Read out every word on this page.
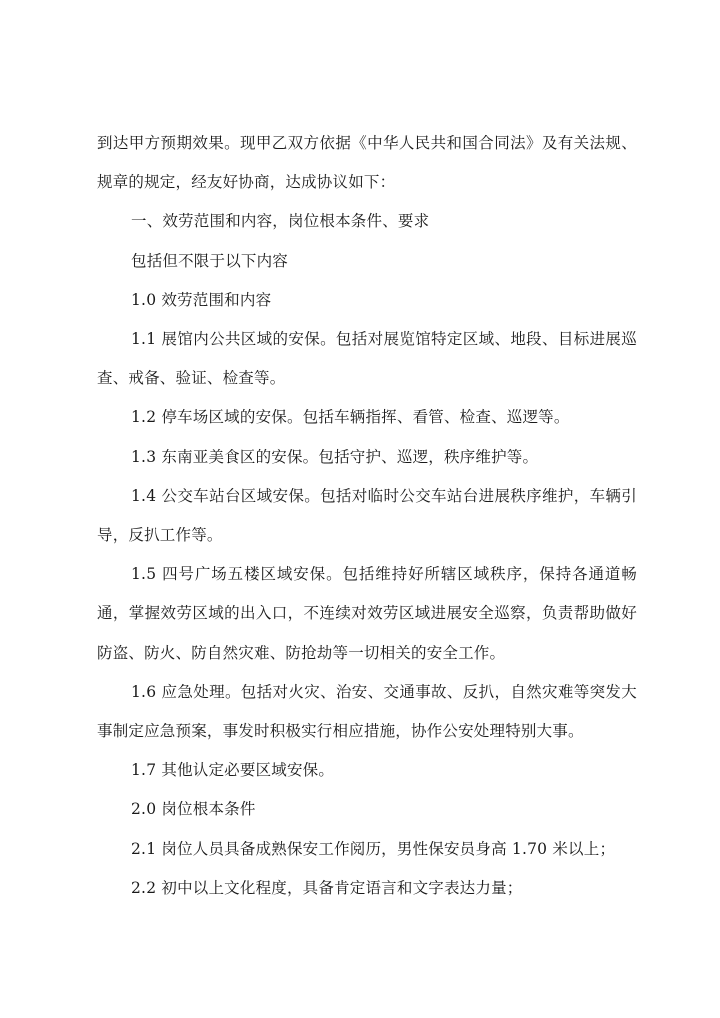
到达甲方预期效果。现甲乙双方依据《中华人民共和国合同法》及有关法规、规章的规定，经友好协商，达成协议如下：

一、效劳范围和内容，岗位根本条件、要求

包括但不限于以下内容

1.0 效劳范围和内容

1.1 展馆内公共区域的安保。包括对展览馆特定区域、地段、目标进展巡查、戒备、验证、检查等。

1.2 停车场区域的安保。包括车辆指挥、看管、检查、巡逻等。

1.3 东南亚美食区的安保。包括守护、巡逻，秩序维护等。

1.4 公交车站台区域安保。包括对临时公交车站台进展秩序维护，车辆引导，反扒工作等。

1.5 四号广场五楼区域安保。包括维持好所辖区域秩序，保持各通道畅通，掌握效劳区域的出入口，不连续对效劳区域进展安全巡察，负责帮助做好防盗、防火、防自然灾难、防抢劫等一切相关的安全工作。

1.6 应急处理。包括对火灾、治安、交通事故、反扒，自然灾难等突发大事制定应急预案，事发时积极实行相应措施，协作公安处理特别大事。

1.7 其他认定必要区域安保。

2.0 岗位根本条件

2.1 岗位人员具备成熟保安工作阅历，男性保安员身高 1.70 米以上；

2.2 初中以上文化程度，具备肯定语言和文字表达力量；
